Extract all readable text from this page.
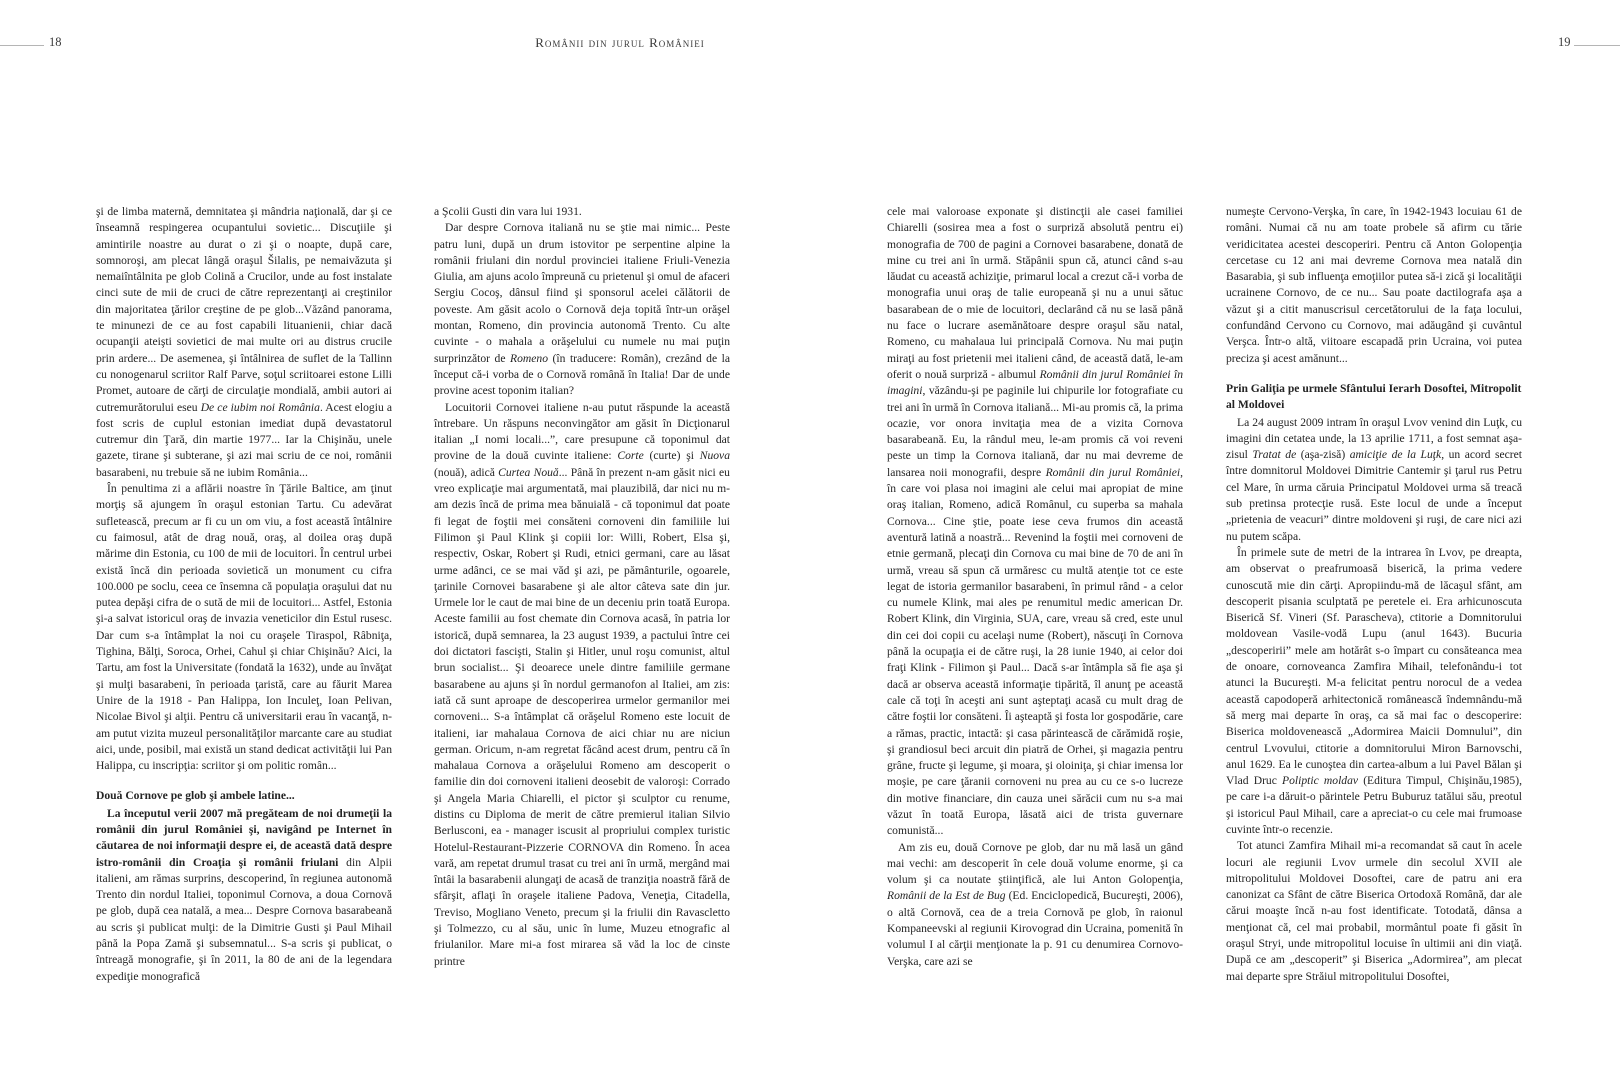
18	Românii din jurul României	19

şi de limba maternă, demnitatea şi mândria naţională, dar şi ce înseamnă respingerea ocupantului sovietic... Discuţiile şi amintirile noastre au durat o zi şi o noapte, după care, somnoroşi, am plecat lângă oraşul Šilalis, pe nemaivăzuta şi nemaiîntâlnita pe glob Colină a Crucilor, unde au fost instalate cinci sute de mii de cruci de către reprezentanţi ai creştinilor din majoritatea ţărilor creştine de pe glob...Văzând panorama, te minunezi de ce au fost capabili lituanienii, chiar dacă ocupanţii ateişti sovietici de mai multe ori au distrus crucile prin ardere... De asemenea, şi întâlnirea de suflet de la Tallinn cu nonogenarul scriitor Ralf Parve, soţul scriitoarei estone Lilli Promet, autoare de cărţi de circulaţie mondială, ambii autori ai cutremurătorului eseu De ce iubim noi România. Acest elogiu a fost scris de cuplul estonian imediat după devastatorul cutremur din Ţară, din martie 1977... Iar la Chişinău, unele gazete, tirane şi subterane, şi azi mai scriu de ce noi, românii basarabeni, nu trebuie să ne iubim România...

În penultima zi a aflării noastre în Ţările Baltice, am ţinut morţiş să ajungem în oraşul estonian Tartu. Cu adevărat sufletească, precum ar fi cu un om viu, a fost această întâlnire cu faimosul, atât de drag nouă, oraş, al doilea oraş după mărime din Estonia, cu 100 de mii de locuitori. În centrul urbei există încă din perioada sovietică un monument cu cifra 100.000 pe soclu, ceea ce însemna că populaţia oraşului dat nu putea depăşi cifra de o sută de mii de locuitori... Astfel, Estonia şi-a salvat istoricul oraş de invazia veneticilor din Estul rusesc. Dar cum s-a întâmplat la noi cu oraşele Tiraspol, Râbniţa, Tighina, Bălţi, Soroca, Orhei, Cahul şi chiar Chişinău? Aici, la Tartu, am fost la Universitate (fondată la 1632), unde au învăţat şi mulţi basarabeni, în perioada ţaristă, care au făurit Marea Unire de la 1918 - Pan Halippa, Ion Inculeţ, Ioan Pelivan, Nicolae Bivol şi alţii. Pentru că universitarii erau în vacanţă, n-am putut vizita muzeul personalităţilor marcante care au studiat aici, unde, posibil, mai există un stand dedicat activităţii lui Pan Halippa, cu inscripţia: scriitor şi om politic român...

Două Cornove pe glob şi ambele latine...

La începutul verii 2007 mă pregăteam de noi drumeţii la românii din jurul României şi, navigând pe Internet în căutarea de noi informaţii despre ei, de această dată despre istro-românii din Croaţia şi românii friulani din Alpii italieni, am rămas surprins, descoperind, în regiunea autonomă Trento din nordul Italiei, toponimul Cornova, a doua Cornovă pe glob, după cea natală, a mea... Despre Cornova basarabeană au scris şi publicat mulţi: de la Dimitrie Gusti şi Paul Mihail până la Popa Zamă şi subsemnatul... S-a scris şi publicat, o întreagă monografie, şi în 2011, la 80 de ani de la legendara expediţie monografică

a Şcolii Gusti din vara lui 1931.

Dar despre Cornova italiană nu se ştie mai nimic... Peste patru luni, după un drum istovitor pe serpentine alpine la românii friulani din nordul provinciei italiene Friuli-Venezia Giulia, am ajuns acolo împreună cu prietenul şi omul de afaceri Sergiu Cocoş, dânsul fiind şi sponsorul acelei călătorii de poveste. Am găsit acolo o Cornovă deja topită într-un orăşel montan, Romeno, din provincia autonomă Trento. Cu alte cuvinte - o mahala a orăşelului cu numele nu mai puţin surprinzător de Romeno (în traducere: Român), crezând de la început că-i vorba de o Cornovă română în Italia! Dar de unde provine acest toponim italian?

Locuitorii Cornovei italiene n-au putut răspunde la această întrebare. Un răspuns neconvingător am găsit în Dicţionarul italian „I nomi locali...”, care presupune că toponimul dat provine de la două cuvinte italiene: Corte (curte) şi Nuova (nouă), adică Curtea Nouă... Până în prezent n-am găsit nici eu vreo explicaţie mai argumentată, mai plauzibilă, dar nici nu m-am dezis încă de prima mea bănuială - că toponimul dat poate fi legat de foştii mei consăteni cornoveni din familiile lui Filimon şi Paul Klink şi copiii lor: Willi, Robert, Elsa şi, respectiv, Oskar, Robert şi Rudi, etnici germani, care au lăsat urme adânci, ce se mai văd şi azi, pe pământurile, ogoarele, ţarinile Cornovei basarabene şi ale altor câteva sate din jur. Urmele lor le caut de mai bine de un deceniu prin toată Europa. Aceste familii au fost chemate din Cornova acasă, în patria lor istorică, după semnarea, la 23 august 1939, a pactului între cei doi dictatori fascişti, Stalin şi Hitler, unul roşu comunist, altul brun socialist... Şi deoarece unele dintre familiile germane basarabene au ajuns şi în nordul germanofon al Italiei, am zis: iată că sunt aproape de descoperirea urmelor germanilor mei cornoveni... S-a întâmplat că orăşelul Romeno este locuit de italieni, iar mahalaua Cornova de aici chiar nu are niciun german. Oricum, n-am regretat făcând acest drum, pentru că în mahalaua Cornova a orăşelului Romeno am descoperit o familie din doi cornoveni italieni deosebit de valoroşi: Corrado şi Angela Maria Chiarelli, el pictor şi sculptor cu renume, distins cu Diploma de merit de către premierul italian Silvio Berlusconi, ea - manager iscusit al propriului complex turistic Hotelul-Restaurant-Pizzerie CORNOVA din Romeno. În acea vară, am repetat drumul trasat cu trei ani în urmă, mergând mai întâi la basarabenii alungaţi de acasă de tranziţia noastră fără de sfârşit, aflaţi în oraşele italiene Padova, Veneţia, Citadella, Treviso, Mogliano Veneto, precum şi la friulii din Ravascletto şi Tolmezzo, cu al său, unic în lume, Muzeu etnografic al friulanilor. Mare mi-a fost mirarea să văd la loc de cinste printre

cele mai valoroase exponate şi distincţii ale casei familiei Chiarelli (sosirea mea a fost o surpriză absolută pentru ei) monografia de 700 de pagini a Cornovei basarabene, donată de mine cu trei ani în urmă. Stăpânii spun că, atunci când s-au lăudat cu această achiziţie, primarul local a crezut că-i vorba de monografia unui oraş de talie europeană şi nu a unui sătuc basarabean de o mie de locuitori, declarând că nu se lasă până nu face o lucrare asemănătoare despre oraşul său natal, Romeno, cu mahalaua lui principală Cornova. Nu mai puţin miraţi au fost prietenii mei italieni când, de această dată, le-am oferit o nouă surpriză - albumul Românii din jurul României în imagini, văzându-şi pe paginile lui chipurile lor fotografiate cu trei ani în urmă în Cornova italiană... Mi-au promis că, la prima ocazie, vor onora invitaţia mea de a vizita Cornova basarabeană. Eu, la rândul meu, le-am promis că voi reveni peste un timp la Cornova italiană, dar nu mai devreme de lansarea noii monografii, despre Românii din jurul României, în care voi plasa noi imagini ale celui mai apropiat de mine oraş italian, Romeno, adică Românul, cu superba sa mahala Cornova... Cine ştie, poate iese ceva frumos din această aventură latină a noastră... Revenind la foştii mei cornoveni de etnie germană, plecaţi din Cornova cu mai bine de 70 de ani în urmă, vreau să spun că urmăresc cu multă atenţie tot ce este legat de istoria germanilor basarabeni, în primul rând - a celor cu numele Klink, mai ales pe renumitul medic american Dr. Robert Klink, din Virginia, SUA, care, vreau să cred, este unul din cei doi copii cu acelaşi nume (Robert), născuţi în Cornova până la ocupaţia ei de către ruşi, la 28 iunie 1940, ai celor doi fraţi Klink - Filimon şi Paul... Dacă s-ar întâmpla să fie aşa şi dacă ar observa această informaţie tipărită, îl anunţ pe această cale că toţi în aceşti ani sunt aşteptaţi acasă cu mult drag de către foştii lor consăteni. Îi aşteaptă şi fosta lor gospodărie, care a rămas, practic, intactă: şi casa părintească de cărămidă roşie, şi grandiosul beci arcuit din piatră de Orhei, şi magazia pentru grâne, fructe şi legume, şi moara, şi oloiniţa, şi chiar imensa lor moşie, pe care ţăranii cornoveni nu prea au cu ce s-o lucreze din motive financiare, din cauza unei sărăcii cum nu s-a mai văzut în toată Europa, lăsată aici de trista guvernare comunistă...

Am zis eu, două Cornove pe glob, dar nu mă lasă un gând mai vechi: am descoperit în cele două volume enorme, şi ca volum şi ca noutate ştiinţifică, ale lui Anton Golopenţia, Românii de la Est de Bug (Ed. Enciclopedică, Bucureşti, 2006), o altă Cornovă, cea de a treia Cornovă pe glob, în raionul Kompaneevski al regiunii Kirovograd din Ucraina, pomenită în volumul I al cărţii menţionate la p. 91 cu denumirea Cornovo-Verşka, care azi se

numeşte Cervono-Verşka, în care, în 1942-1943 locuiau 61 de români. Numai că nu am toate probele să afirm cu tărie veridicitatea acestei descoperiri. Pentru că Anton Golopenţia cercetase cu 12 ani mai devreme Cornova mea natală din Basarabia, şi sub influenţa emoţiilor putea să-i zică şi localităţii ucrainene Cornovo, de ce nu... Sau poate dactilografa aşa a văzut şi a citit manuscrisul cercetătorului de la faţa locului, confundând Cervono cu Cornovo, mai adăugând şi cuvântul Verşca. Într-o altă, viitoare escapadă prin Ucraina, voi putea preciza şi acest amănunt...

Prin Galiţia pe urmele Sfântului Ierarh Dosoftei, Mitropolit al Moldovei

La 24 august 2009 intram în oraşul Lvov venind din Luţk, cu imagini din cetatea unde, la 13 aprilie 1711, a fost semnat aşa-zisul Tratat de (aşa-zisă) amiciţie de la Luţk, un acord secret între domnitorul Moldovei Dimitrie Cantemir şi ţarul rus Petru cel Mare, în urma căruia Principatul Moldovei urma să treacă sub pretinsa protecţie rusă. Este locul de unde a început „prietenia de veacuri” dintre moldoveni şi ruşi, de care nici azi nu putem scăpa.

În primele sute de metri de la intrarea în Lvov, pe dreapta, am observat o preafrumoasă biserică, la prima vedere cunoscută mie din cărţi. Apropiindu-mă de lăcaşul sfânt, am descoperit pisania sculptată pe peretele ei. Era arhicunoscuta Biserică Sf. Vineri (Sf. Parascheva), ctitorie a Domnitorului moldovean Vasile-vodă Lupu (anul 1643). Bucuria „descoperirii” mele am hotărât s-o împart cu consăteanca mea de onoare, cornoveanca Zamfira Mihail, telefonându-i tot atunci la Bucureşti. M-a felicitat pentru norocul de a vedea această capodoperă arhitectonică românească îndemnându-mă să merg mai departe în oraş, ca să mai fac o descoperire: Biserica moldovenească „Adormirea Maicii Domnului”, din centrul Lvovului, ctitorie a domnitorului Miron Barnovschi, anul 1629. Ea le cunoştea din cartea-album a lui Pavel Bălan şi Vlad Druc Poliptic moldav (Editura Timpul, Chişinău,1985), pe care i-a dăruit-o părintele Petru Buburuz tatălui său, preotul şi istoricul Paul Mihail, care a apreciat-o cu cele mai frumoase cuvinte într-o recenzie.

Tot atunci Zamfira Mihail mi-a recomandat să caut în acele locuri ale regiunii Lvov urmele din secolul XVII ale mitropolitului Moldovei Dosoftei, care de patru ani era canonizat ca Sfânt de către Biserica Ortodoxă Română, dar ale cărui moaşte încă n-au fost identificate. Totodată, dânsa a menţionat că, cel mai probabil, mormântul poate fi găsit în oraşul Stryi, unde mitropolitul locuise în ultimii ani din viaţă. După ce am „descoperit” şi Biserica „Adormirea”, am plecat mai departe spre Străiul mitropolitului Dosoftei,
